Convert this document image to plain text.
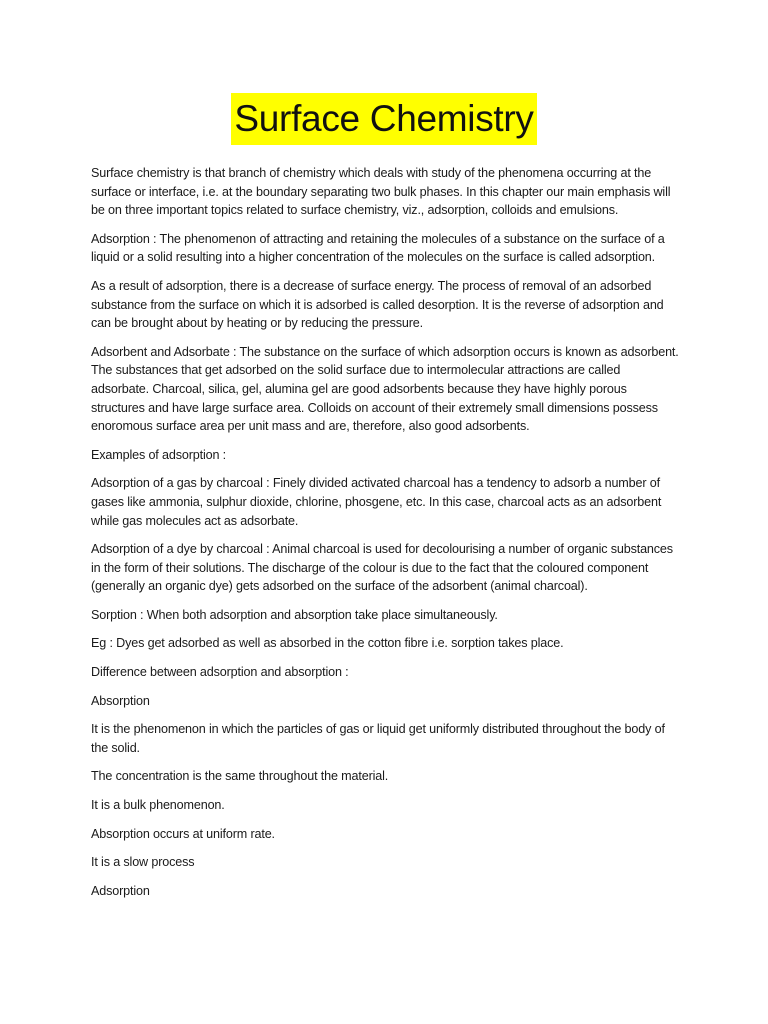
Surface Chemistry

Surface chemistry is that branch of chemistry which deals with study of the phenomena occurring at the surface or interface, i.e. at the boundary separating two bulk phases. In this chapter our main emphasis will be on three important topics related to surface chemistry, viz., adsorption, colloids and emulsions.

Adsorption : The phenomenon of attracting and retaining the molecules of a substance on the surface of a liquid or a solid resulting into a higher concentration of the molecules on the surface is called adsorption.

As a result of adsorption, there is a decrease of surface energy. The process of removal of an adsorbed substance from the surface on which it is adsorbed is called desorption. It is the reverse of adsorption and can be brought about by heating or by reducing the pressure.

Adsorbent and Adsorbate : The substance on the surface of which adsorption occurs is known as adsorbent. The substances that get adsorbed on the solid surface due to intermolecular attractions are called adsorbate. Charcoal, silica, gel, alumina gel are good adsorbents because they have highly porous structures and have large surface area. Colloids on account of their extremely small dimensions possess enoromous surface area per unit mass and are, therefore, also good adsorbents.

Examples of adsorption :

Adsorption of a gas by charcoal : Finely divided activated charcoal has a tendency to adsorb a number of gases like ammonia, sulphur dioxide, chlorine, phosgene, etc. In this case, charcoal acts as an adsorbent while gas molecules act as adsorbate.

Adsorption of a dye by charcoal : Animal charcoal is used for decolourising a number of organic substances in the form of their solutions. The discharge of the colour is due to the fact that the coloured component (generally an organic dye) gets adsorbed on the surface of the adsorbent (animal charcoal).

Sorption : When both adsorption and absorption take place simultaneously.

Eg : Dyes get adsorbed as well as absorbed in the cotton fibre i.e. sorption takes place.

Difference between adsorption and absorption :

Absorption

It is the phenomenon in which the particles of gas or liquid get uniformly distributed throughout the body of the solid.

The concentration is the same throughout the material.

It is a bulk phenomenon.

Absorption occurs at uniform rate.

It is a slow process

Adsorption
